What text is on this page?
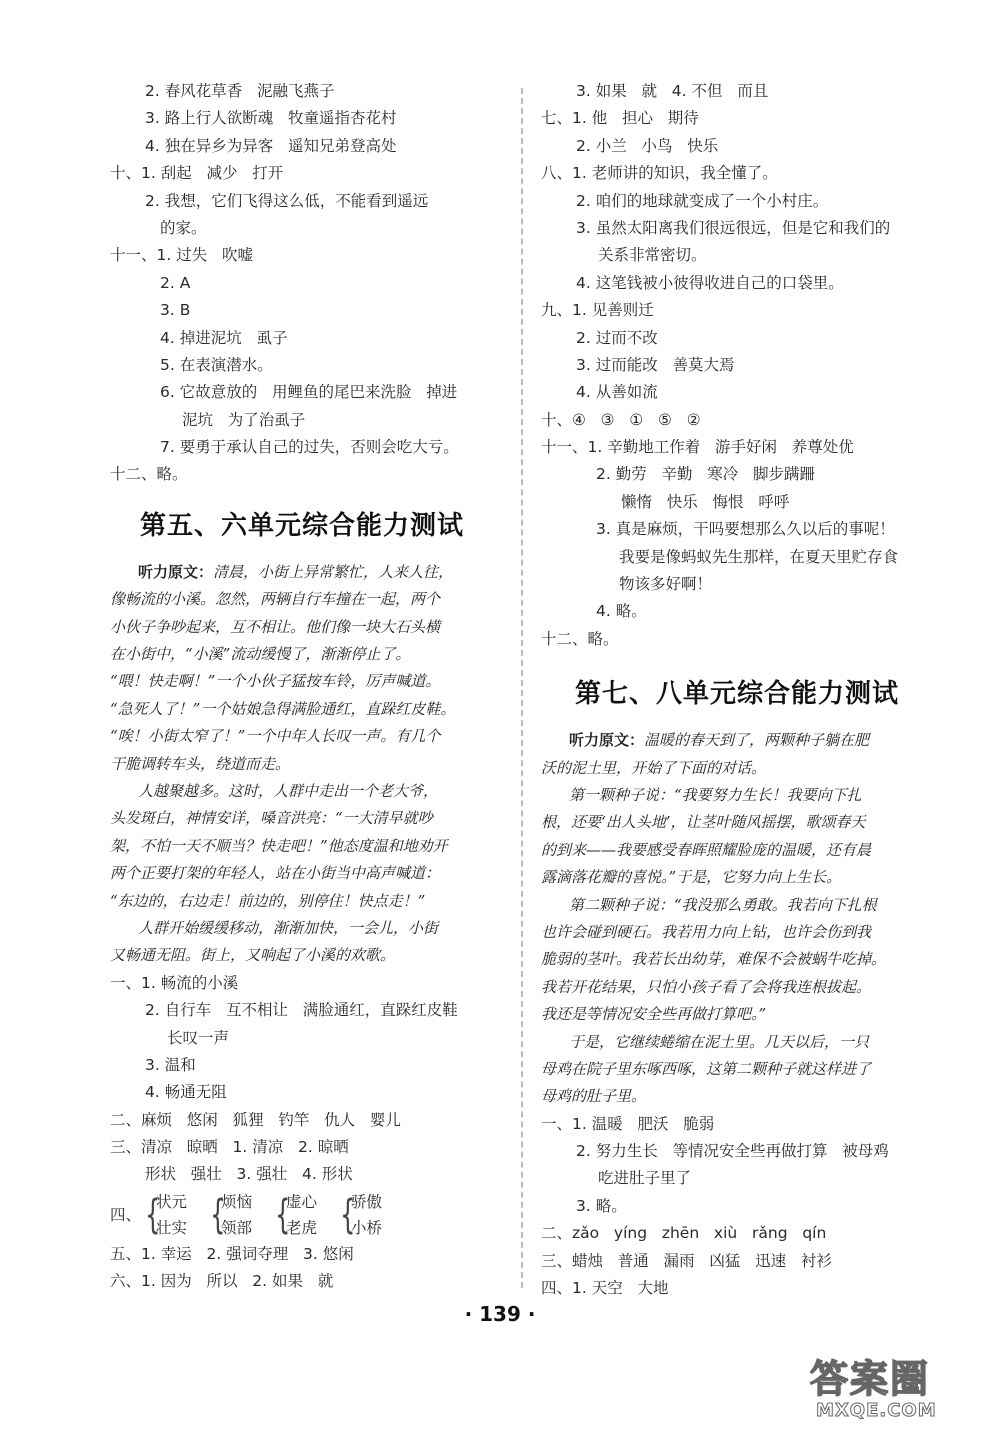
2. 春风花草香   泥融飞燕子
3. 路上行人欲断魂   牧童遥指杏花村
4. 独在异乡为异客   遥知兄弟登高处
十、1. 刮起   减少   打开
2. 我想，它们飞得这么低，不能看到遥远
的家。
十一、1. 过失   吹嘘
2. A
3. B
4. 掉进泥坑   虱子
5. 在表演潜水。
6. 它故意放的   用鲤鱼的尾巴来洗脸   掉进
泥坑   为了治虱子
7. 要勇于承认自己的过失，否则会吃大亏。
十二、略。
第五、六单元综合能力测试
听力原文：清晨，小街上异常繁忙，人来人往，
像畅流的小溪。忽然，两辆自行车撞在一起，两个
小伙子争吵起来，互不相让。他们像一块大石头横
在小街中，“小溪”流动缓慢了，渐渐停止了。
“喂！快走啊！”一个小伙子猛按车铃，厉声喊道。
“急死人了！”一个姑娘急得满脸通红，直跺红皮鞋。
“唉！小街太窄了！”一个中年人长叹一声。有几个
干脆调转车头，绕道而走。
人越聚越多。这时，人群中走出一个老大爷，
头发斑白，神情安详，嗓音洪亮：“一大清早就吵
架，不怕一天不顺当？快走吧！”他态度温和地劝开
两个正要打架的年轻人，站在小街当中高声喊道：
“东边的，右边走！前边的，别停住！快点走！”
人群开始缓缓移动，渐渐加快，一会儿，小街
又畅通无阻。街上，又响起了小溪的欢歌。
一、1. 畅流的小溪
2. 自行车   互不相让   满脸通红，直跺红皮鞋
长叹一声
3. 温和
4. 畅通无阻
二、麻烦   悠闲   狐狸   钓竿   仇人   婴儿
三、清凉   晾晒   1. 清凉   2. 晾晒
形状   强壮   3. 强壮   4. 形状
四、 {
状元
壮实 {
烦恼
领部 {
虚心
老虎 {
骄傲
小桥
五、1. 幸运   2. 强词夺理   3. 悠闲
六、1. 因为   所以   2. 如果   就
3. 如果   就   4. 不但   而且
七、1. 他   担心   期待
2. 小兰   小鸟   快乐
八、1. 老师讲的知识，我全懂了。
2. 咱们的地球就变成了一个小村庄。
3. 虽然太阳离我们很远很远，但是它和我们的
关系非常密切。
4. 这笔钱被小彼得收进自己的口袋里。
九、1. 见善则迁
2. 过而不改
3. 过而能改   善莫大焉
4. 从善如流
十、④   ③   ①   ⑤   ②
十一、1. 辛勤地工作着   游手好闲   养尊处优
2. 勤劳   辛勤   寒冷   脚步蹒跚
懒惰   快乐   悔恨   呼呼
3. 真是麻烦，干吗要想那么久以后的事呢！
我要是像蚂蚁先生那样，在夏天里贮存食
物该多好啊！
4. 略。
十二、略。
第七、八单元综合能力测试
听力原文：温暖的春天到了，两颗种子躺在肥
沃的泥土里，开始了下面的对话。
第一颗种子说：“我要努力生长！我要向下扎
根，还要‘出人头地’，让茎叶随风摇摆，歌颂春天
的到来——我要感受春晖照耀脸庞的温暖，还有晨
露滴落花瓣的喜悦。”于是，它努力向上生长。
第二颗种子说：“我没那么勇敢。我若向下扎根
也许会碰到硬石。我若用力向上钻，也许会伤到我
脆弱的茎叶。我若长出幼芽，难保不会被蜗牛吃掉。
我若开花结果，只怕小孩子看了会将我连根拔起。
我还是等情况安全些再做打算吧。”
于是，它继续蜷缩在泥土里。几天以后，一只
母鸡在院子里东啄西啄，这第二颗种子就这样进了
母鸡的肚子里。
一、1. 温暖   肥沃   脆弱
2. 努力生长   等情况安全些再做打算   被母鸡
吃进肚子里了
3. 略。
二、zǎo   yíng   zhēn   xiù   rǎng   qín
三、蜡烛   普通   漏雨   凶猛   迅速   衬衫
四、1. 天空   大地
· 139 ·
答案圈
MXQE.COM
